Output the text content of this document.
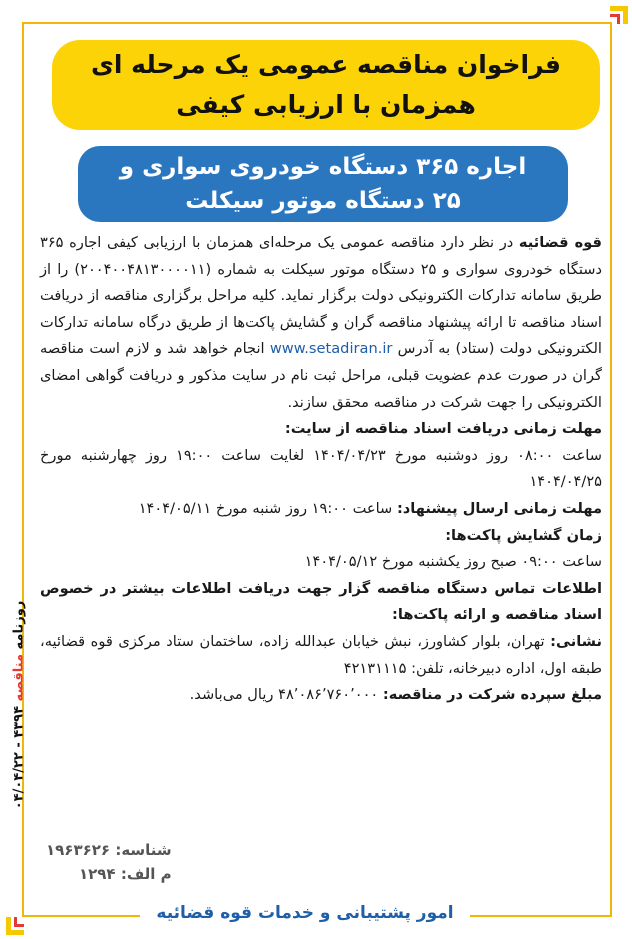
فراخوان مناقصه عمومی یک مرحله ای
همزمان با ارزیابی کیفی
اجاره ۳۶۵ دستگاه خودروی سواری و
۲۵ دستگاه موتور سیکلت

قوه قضائیه در نظر دارد مناقصه عمومی یک مرحله‌ای همزمان با ارزیابی کیفی اجاره ۳۶۵ دستگاه خودروی سواری و ۲۵ دستگاه موتور سیکلت به شماره (۲۰۰۴۰۰۴۸۱۳۰۰۰۰۱۱) را از طریق سامانه تدارکات الکترونیکی دولت برگزار نماید. کلیه مراحل برگزاری مناقصه از دریافت اسناد مناقصه تا ارائه پیشنهاد مناقصه گران و گشایش پاکت‌ها از طریق درگاه سامانه تدارکات الکترونیکی دولت (ستاد) به آدرس www.setadiran.ir انجام خواهد شد و لازم است مناقصه گران در صورت عدم عضویت قبلی، مراحل ثبت نام در سایت مذکور و دریافت گواهی امضای الکترونیکی را جهت شرکت در مناقصه محقق سازند.

مهلت زمانی دریافت اسناد مناقصه از سایت:

ساعت ۰۸:۰۰ روز دوشنبه مورخ ۱۴۰۴/۰۴/۲۳ لغایت ساعت ۱۹:۰۰ روز چهارشنبه مورخ ۱۴۰۴/۰۴/۲۵

مهلت زمانی ارسال پیشنهاد: ساعت ۱۹:۰۰ روز شنبه مورخ ۱۴۰۴/۰۵/۱۱

زمان گشایش پاکت‌ها:

ساعت ۰۹:۰۰ صبح روز یکشنبه مورخ ۱۴۰۴/۰۵/۱۲

اطلاعات تماس دستگاه مناقصه گزار جهت دریافت اطلاعات بیشتر در خصوص اسناد مناقصه و ارائه پاکت‌ها:

نشانی: تهران، بلوار کشاورز، نبش خیابان عبدالله زاده، ساختمان ستاد مرکزی قوه قضائیه، طبقه اول، اداره دبیرخانه، تلفن: ۴۲۱۳۱۱۱۵

مبلغ سپرده شرکت در مناقصه: ۴۸٬۰۸۶٬۷۶۰٬۰۰۰ ریال می‌باشد.

شناسه: ۱۹۶۳۶۲۶
م الف: ۱۲۹۴
روزنامه مناقصه ۴۳۹۴ - ۰۴/۰۴/۲۲
امور پشتیبانی و خدمات قوه قضائیه
